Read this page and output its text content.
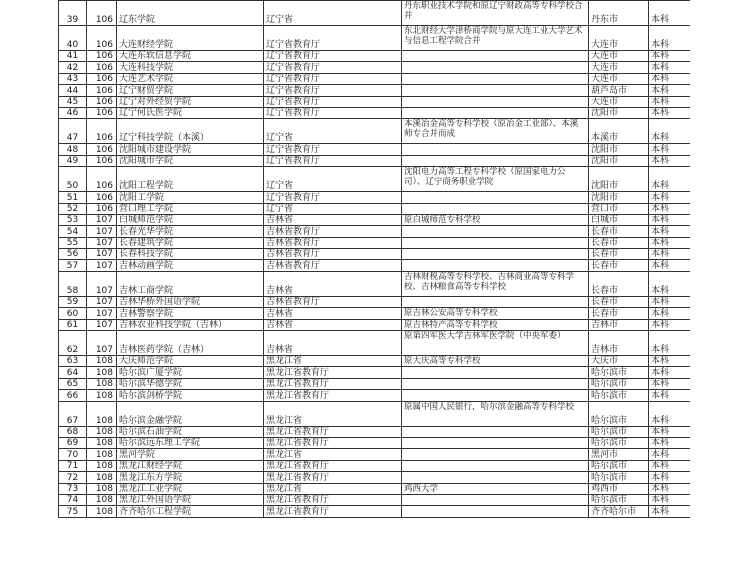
39	106	辽东学院	辽宁省	丹东职业技术学院和原辽宁财政高等专科学校合并	丹东市	本科
40	106	大连财经学院	辽宁省教育厅	东北财经大学津桥商学院与原大连工业大学艺术与信息工程学院合并	大连市	本科
41	106	大连东软信息学院	辽宁省教育厅		大连市	本科
42	106	大连科技学院	辽宁省教育厅		大连市	本科
43	106	大连艺术学院	辽宁省教育厅		大连市	本科
44	106	辽宁财贸学院	辽宁省教育厅		葫芦岛市	本科
45	106	辽宁对外经贸学院	辽宁省教育厅		大连市	本科
46	106	辽宁何氏医学院	辽宁省教育厅		沈阳市	本科
47	106	辽宁科技学院（本溪）	辽宁省	本溪冶金高等专科学校（原冶金工业部）、本溪师专合并而成	本溪市	本科
48	106	沈阳城市建设学院	辽宁省教育厅		沈阳市	本科
49	106	沈阳城市学院	辽宁省教育厅		沈阳市	本科
50	106	沈阳工程学院	辽宁省	沈阳电力高等工程专科学校（原国家电力公司）、辽宁商务职业学院	沈阳市	本科
51	106	沈阳工学院	辽宁省教育厅		沈阳市	本科
52	106	营口理工学院	辽宁省		营口市	本科
53	107	白城师范学院	吉林省	原白城师范专科学校	白城市	本科
54	107	长春光华学院	吉林省教育厅		长春市	本科
55	107	长春建筑学院	吉林省教育厅		长春市	本科
56	107	长春科技学院	吉林省教育厅		长春市	本科
57	107	吉林动画学院	吉林省教育厅		长春市	本科
58	107	吉林工商学院	吉林省	吉林财税高等专科学校、吉林商业高等专科学校、吉林粮食高等专科学校	长春市	本科
59	107	吉林华桥外国语学院	吉林省教育厅		长春市	本科
60	107	吉林警察学院	吉林省	原吉林公安高等专科学校	长春市	本科
61	107	吉林农业科技学院（吉林）	吉林省	原吉林特产高等专科学校	吉林市	本科
62	107	吉林医药学院（吉林）	吉林省	原第四军医大学吉林军医学院（中央军委）	吉林市	本科
63	108	大庆师范学院	黑龙江省	原大庆高等专科学校	大庆市	本科
64	108	哈尔滨广厦学院	黑龙江省教育厅		哈尔滨市	本科
65	108	哈尔滨华德学院	黑龙江省教育厅		哈尔滨市	本科
66	108	哈尔滨剑桥学院	黑龙江省教育厅		哈尔滨市	本科
67	108	哈尔滨金融学院	黑龙江省	原属中国人民银行，哈尔滨金融高等专科学校	哈尔滨市	本科
68	108	哈尔滨石油学院	黑龙江省教育厅		哈尔滨市	本科
69	108	哈尔滨远东理工学院	黑龙江省教育厅		哈尔滨市	本科
70	108	黑河学院	黑龙江省		黑河市	本科
71	108	黑龙江财经学院	黑龙江省教育厅		哈尔滨市	本科
72	108	黑龙江东方学院	黑龙江省教育厅		哈尔滨市	本科
73	108	黑龙江工业学院	黑龙江省	鸡西大学	鸡西市	本科
74	108	黑龙江外国语学院	黑龙江省教育厅		哈尔滨市	本科
75	108	齐齐哈尔工程学院	黑龙江省教育厅		齐齐哈尔市	本科
